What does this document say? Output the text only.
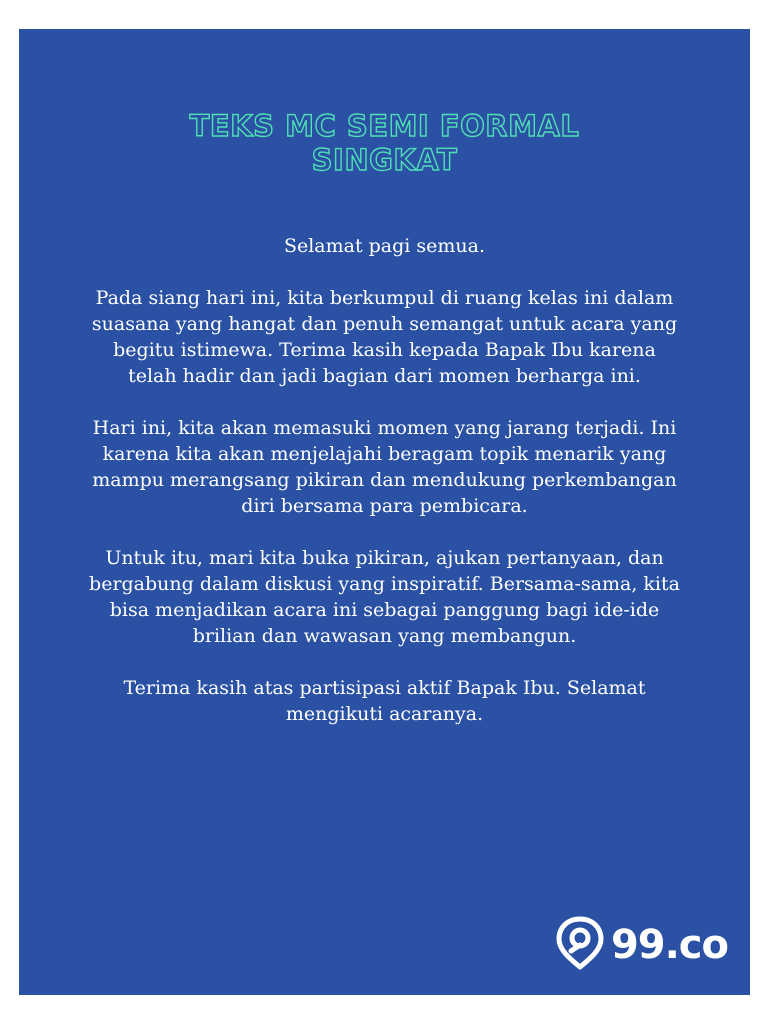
TEKS MC SEMI FORMAL
SINGKAT

Selamat pagi semua.

Pada siang hari ini, kita berkumpul di ruang kelas ini dalam suasana yang hangat dan penuh semangat untuk acara yang begitu istimewa. Terima kasih kepada Bapak Ibu karena telah hadir dan jadi bagian dari momen berharga ini.

Hari ini, kita akan memasuki momen yang jarang terjadi. Ini karena kita akan menjelajahi beragam topik menarik yang mampu merangsang pikiran dan mendukung perkembangan diri bersama para pembicara.

Untuk itu, mari kita buka pikiran, ajukan pertanyaan, dan bergabung dalam diskusi yang inspiratif. Bersama-sama, kita bisa menjadikan acara ini sebagai panggung bagi ide-ide brilian dan wawasan yang membangun.

Terima kasih atas partisipasi aktif Bapak Ibu. Selamat mengikuti acaranya.

99.co
